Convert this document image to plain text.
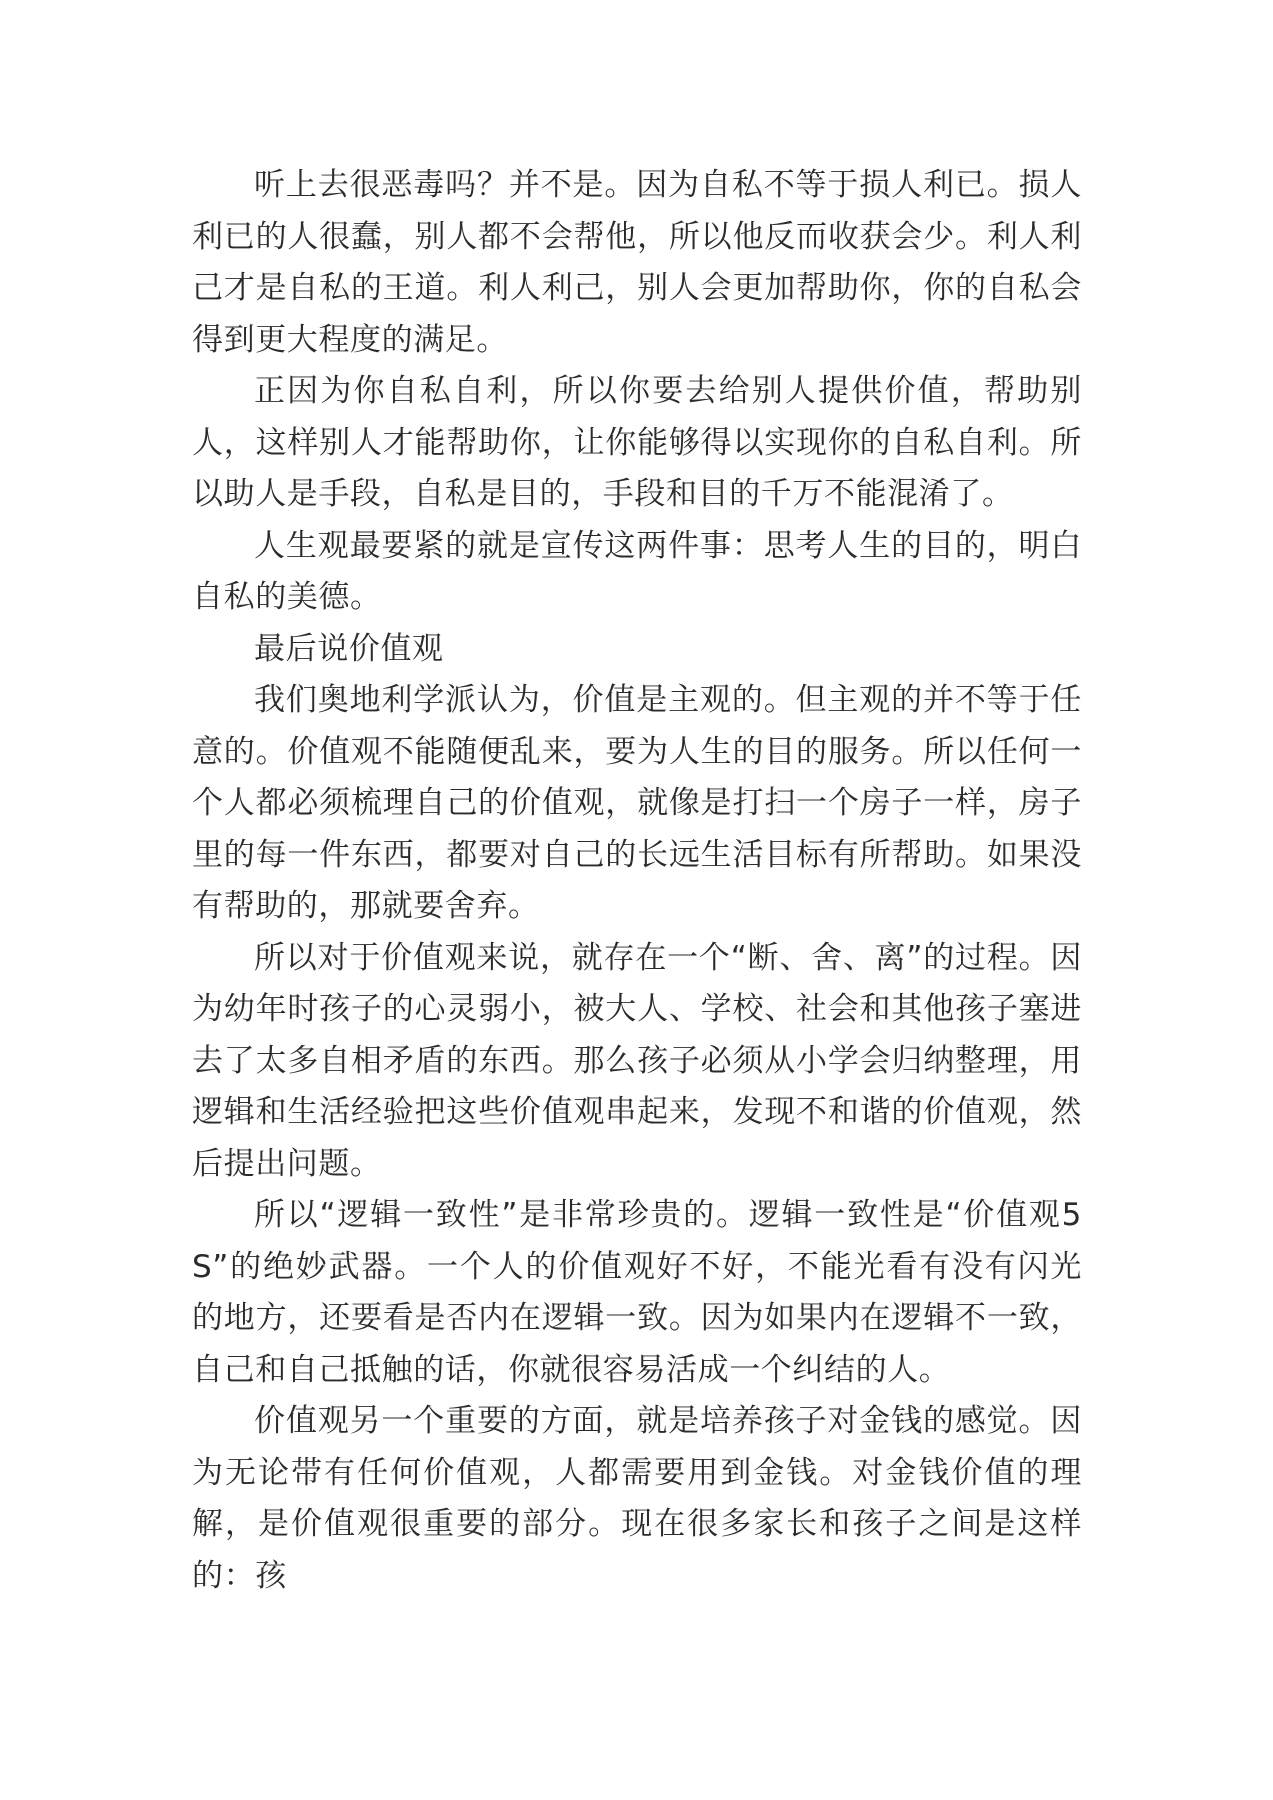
听上去很恶毒吗？并不是。因为自私不等于损人利已。损人利已的人很蠢，别人都不会帮他，所以他反而收获会少。利人利己才是自私的王道。利人利己，别人会更加帮助你，你的自私会得到更大程度的满足。

正因为你自私自利，所以你要去给别人提供价值，帮助别人，这样别人才能帮助你，让你能够得以实现你的自私自利。所以助人是手段，自私是目的，手段和目的千万不能混淆了。

人生观最要紧的就是宣传这两件事：思考人生的目的，明白自私的美德。

最后说价值观

我们奥地利学派认为，价值是主观的。但主观的并不等于任意的。价值观不能随便乱来，要为人生的目的服务。所以任何一个人都必须梳理自己的价值观，就像是打扫一个房子一样，房子里的每一件东西，都要对自己的长远生活目标有所帮助。如果没有帮助的，那就要舍弃。

所以对于价值观来说，就存在一个“断、舍、离”的过程。因为幼年时孩子的心灵弱小，被大人、学校、社会和其他孩子塞进去了太多自相矛盾的东西。那么孩子必须从小学会归纳整理，用逻辑和生活经验把这些价值观串起来，发现不和谐的价值观，然后提出问题。

所以“逻辑一致性”是非常珍贵的。逻辑一致性是“价值观5S”的绝妙武器。一个人的价值观好不好，不能光看有没有闪光的地方，还要看是否内在逻辑一致。因为如果内在逻辑不一致，自己和自己抵触的话，你就很容易活成一个纠结的人。

价值观另一个重要的方面，就是培养孩子对金钱的感觉。因为无论带有任何价值观，人都需要用到金钱。对金钱价值的理解，是价值观很重要的部分。现在很多家长和孩子之间是这样的：孩
